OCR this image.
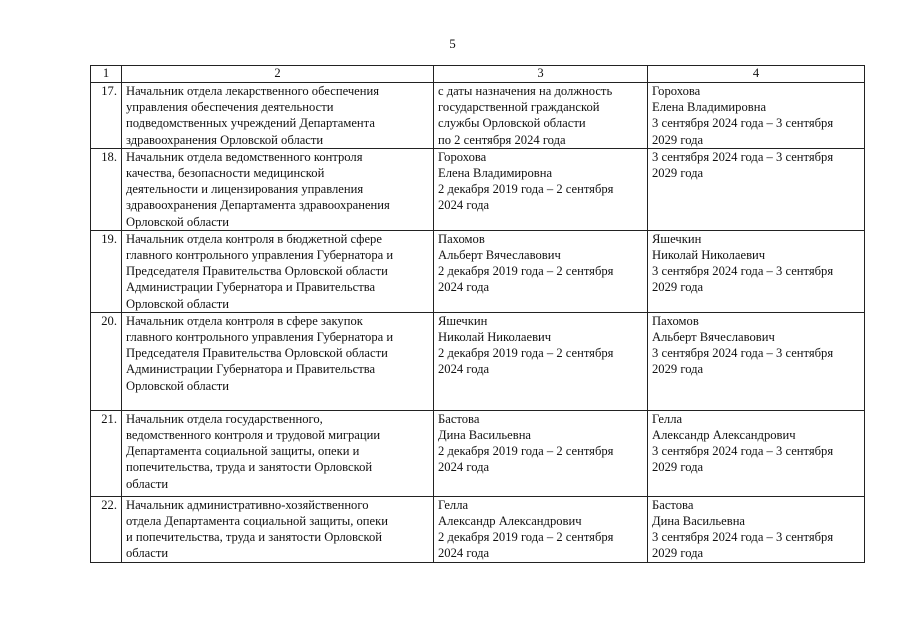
5
1	2	3	4
17.	Начальник отдела лекарственного обеспечения
управления обеспечения деятельности
подведомственных учреждений Департамента
здравоохранения Орловской области	с даты назначения на должность
государственной гражданской
службы Орловской области
по 2 сентября 2024 года	Горохова
Елена Владимировна
3 сентября 2024 года – 3 сентября
2029 года

18.	Начальник отдела ведомственного контроля
качества, безопасности медицинской
деятельности и лицензирования управления
здравоохранения Департамента здравоохранения
Орловской области	Горохова
Елена Владимировна
2 декабря 2019 года – 2 сентября
2024 года	3 сентября 2024 года – 3 сентября
2029 года

19.	Начальник отдела контроля в бюджетной сфере
главного контрольного управления Губернатора и
Председателя Правительства Орловской области
Администрации Губернатора и Правительства
Орловской области	Пахомов
Альберт Вячеславович
2 декабря 2019 года – 2 сентября
2024 года	Яшечкин
Николай Николаевич
3 сентября 2024 года – 3 сентября
2029 года

20.	Начальник отдела контроля в сфере закупок
главного контрольного управления Губернатора и
Председателя Правительства Орловской области
Администрации Губернатора и Правительства
Орловской области	Яшечкин
Николай Николаевич
2 декабря 2019 года – 2 сентября
2024 года	Пахомов
Альберт Вячеславович
3 сентября 2024 года – 3 сентября
2029 года

21.	Начальник отдела государственного,
ведомственного контроля и трудовой миграции
Департамента социальной защиты, опеки и
попечительства, труда и занятости Орловской
области	Бастова
Дина Васильевна
2 декабря 2019 года – 2 сентября
2024 года	Гелла
Александр Александрович
3 сентября 2024 года – 3 сентября
2029 года

22.	Начальник административно-хозяйственного
отдела Департамента социальной защиты, опеки
и попечительства, труда и занятости Орловской
области	Гелла
Александр Александрович
2 декабря 2019 года – 2 сентября
2024 года	Бастова
Дина Васильевна
3 сентября 2024 года – 3 сентября
2029 года
